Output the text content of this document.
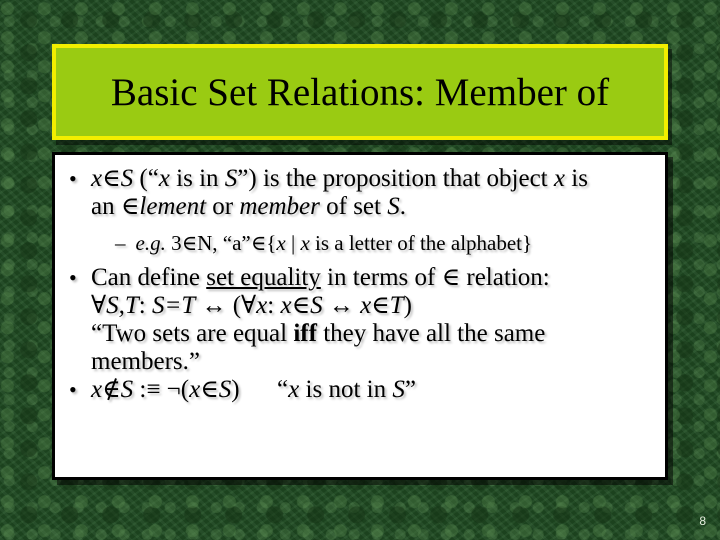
Basic Set Relations: Member of
• x∈S (“x is in S”) is the proposition that object x is
an ∈lement or member of set S.
– e.g. 3∈N, “a”∈{x | x is a letter of the alphabet}
• Can define set equality in terms of ∈ relation:
∀S,T: S=T ↔ (∀x: x∈S ↔ x∈T)
“Two sets are equal iff they have all the same
members.”
• x∉S :≡ ¬(x∈S) “x is not in S”
8
